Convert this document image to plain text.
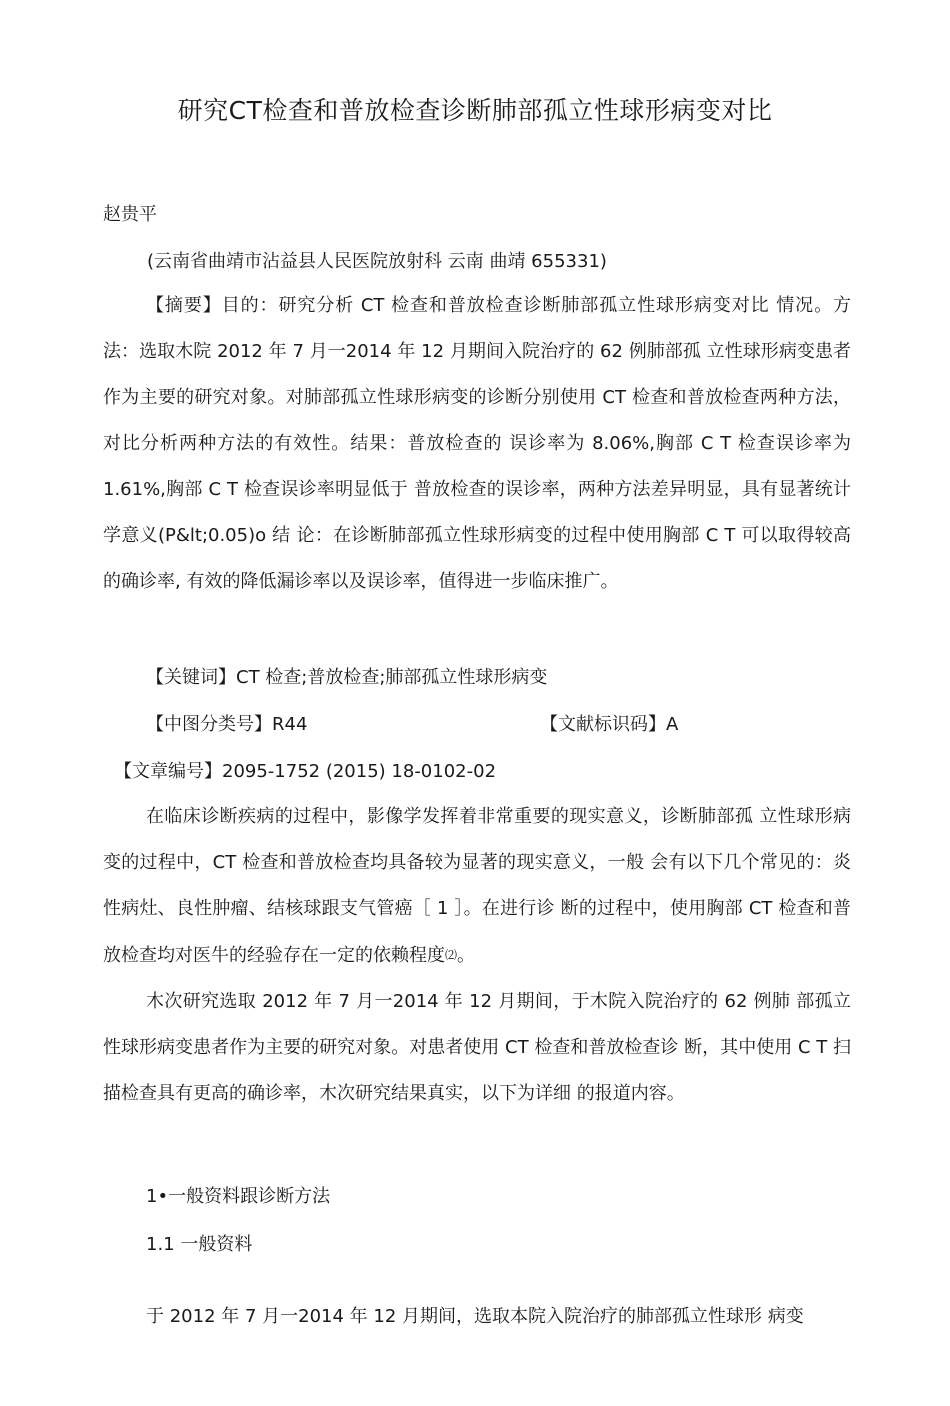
研究CT检查和普放检查诊断肺部孤立性球形病变对比
赵贵平
(云南省曲靖市沾益县人民医院放射科 云南 曲靖 655331)
【摘要】目的：研究分析 CT 检查和普放检查诊断肺部孤立性球形病变对比 情况。方法：选取木院 2012 年 7 月一2014 年 12 月期间入院治疗的 62 例肺部孤 立性球形病变患者作为主要的研究对象。对肺部孤立性球形病变的诊断分别使用 CT 检查和普放检查两种方法，对比分析两种方法的有效性。结果：普放检查的 误诊率为 8.06%,胸部 C T 检查误诊率为 1.61%,胸部 C T 检查误诊率明显低于 普放检查的误诊率，两种方法差异明显，具有显著统计学意义(P&lt;0.05)o 结 论：在诊断肺部孤立性球形病变的过程中使用胸部 C T 可以取得较高的确诊率, 有效的降低漏诊率以及误诊率，值得进一步临床推广。
【关键词】CT 检查;普放检查;肺部孤立性球形病变
【中图分类号】R44	【文献标识码】A
【文章编号】2095-1752 (2015) 18-0102-02
在临床诊断疾病的过程中，影像学发挥着非常重要的现实意义，诊断肺部孤 立性球形病变的过程中，CT 检查和普放检查均具备较为显著的现实意义，一般 会有以下几个常见的：炎性病灶、良性肿瘤、结核球跟支气管癌［ 1 ］。在进行诊 断的过程中，使用胸部 CT 检查和普放检查均对医牛的经验存在一定的依赖程度⑵。
木次研究选取 2012 年 7 月一2014 年 12 月期间，于木院入院治疗的 62 例肺 部孤立性球形病变患者作为主要的研究对象。对患者使用 CT 检查和普放检查诊 断，其中使用 C T 扫描检查具有更高的确诊率，木次研究结果真实，以下为详细 的报道内容。
1•一般资料跟诊断方法
1.1 一般资料
于 2012 年 7 月一2014 年 12 月期间，选取本院入院治疗的肺部孤立性球形 病变
